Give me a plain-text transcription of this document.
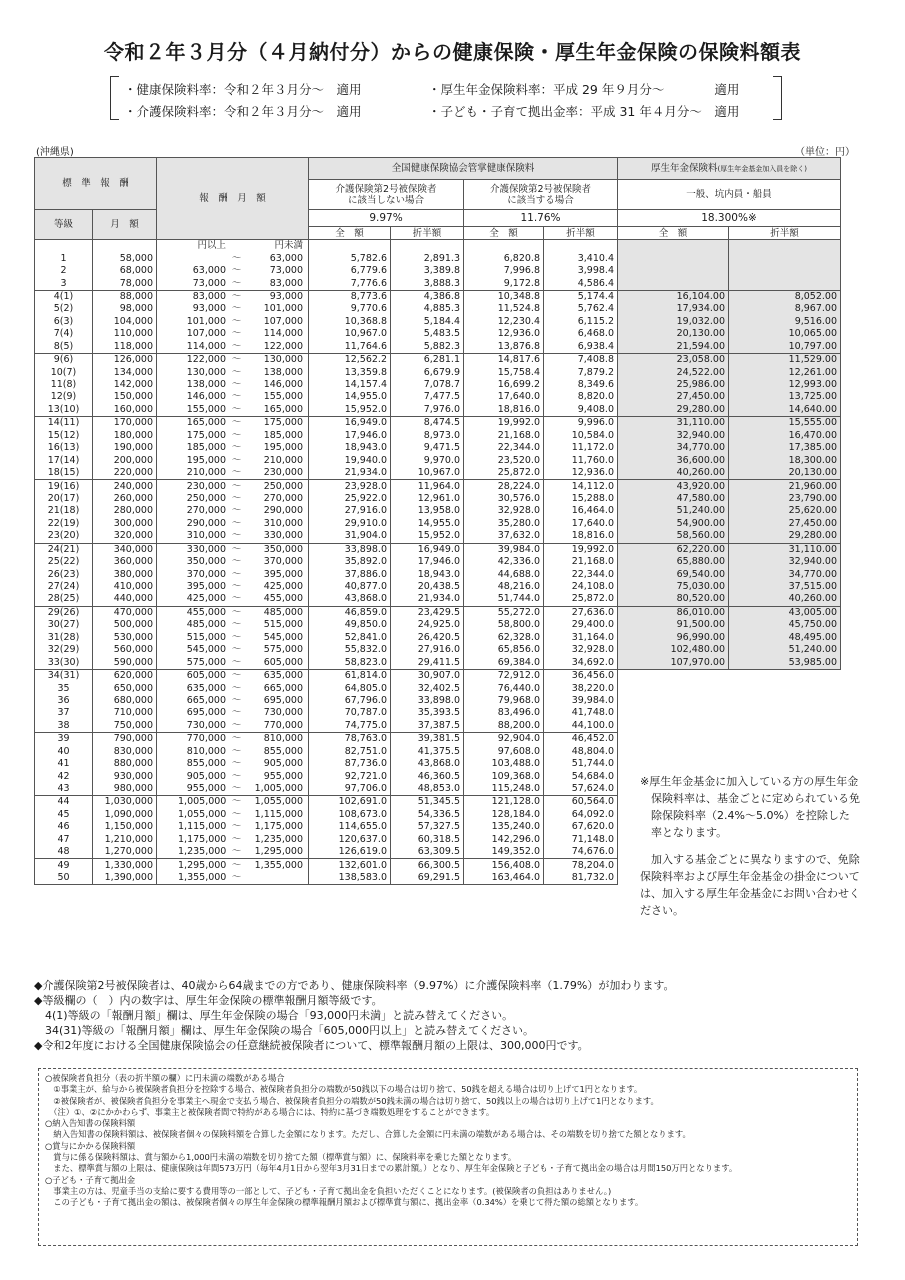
令和２年３月分（４月納付分）からの健康保険・厚生年金保険の保険料額表
・健康保険料率：令和２年３月分～　適用	・厚生年金保険料率：平成 29 年９月分～　　　　適用
・介護保険料率：令和２年３月分～　適用	・子ども・子育て拠出金率：平成 31 年４月分～　適用
(沖縄県)	（単位：円）
標　準　報　酬		報　酬　月　額	全国健康保険協会管掌健康保険料				厚生年金保険料(厚生年金基金加入員を除く)	
			介護保険第2号被保険者
に該当しない場合		介護保険第2号被保険者
に該当する場合		一般、坑内員・船員	
等級	月　額		9.97%		11.76%		18.300%※	
			全　額	折半額	全　額	折半額	全　額	折半額

		円以上 円未満						

1	58,000	～ 63,000	5,782.6	2,891.3	6,820.8	3,410.4		
2	68,000	63,000 ～ 73,000	6,779.6	3,389.8	7,996.8	3,998.4		
3	78,000	73,000 ～ 83,000	7,776.6	3,888.3	9,172.8	4,586.4		
4(1)	88,000	83,000 ～ 93,000	8,773.6	4,386.8	10,348.8	5,174.4	16,104.00	8,052.00
5(2)	98,000	93,000 ～ 101,000	9,770.6	4,885.3	11,524.8	5,762.4	17,934.00	8,967.00
6(3)	104,000	101,000 ～ 107,000	10,368.8	5,184.4	12,230.4	6,115.2	19,032.00	9,516.00
7(4)	110,000	107,000 ～ 114,000	10,967.0	5,483.5	12,936.0	6,468.0	20,130.00	10,065.00
8(5)	118,000	114,000 ～ 122,000	11,764.6	5,882.3	13,876.8	6,938.4	21,594.00	10,797.00
9(6)	126,000	122,000 ～ 130,000	12,562.2	6,281.1	14,817.6	7,408.8	23,058.00	11,529.00
10(7)	134,000	130,000 ～ 138,000	13,359.8	6,679.9	15,758.4	7,879.2	24,522.00	12,261.00
11(8)	142,000	138,000 ～ 146,000	14,157.4	7,078.7	16,699.2	8,349.6	25,986.00	12,993.00
12(9)	150,000	146,000 ～ 155,000	14,955.0	7,477.5	17,640.0	8,820.0	27,450.00	13,725.00
13(10)	160,000	155,000 ～ 165,000	15,952.0	7,976.0	18,816.0	9,408.0	29,280.00	14,640.00
14(11)	170,000	165,000 ～ 175,000	16,949.0	8,474.5	19,992.0	9,996.0	31,110.00	15,555.00
15(12)	180,000	175,000 ～ 185,000	17,946.0	8,973.0	21,168.0	10,584.0	32,940.00	16,470.00
16(13)	190,000	185,000 ～ 195,000	18,943.0	9,471.5	22,344.0	11,172.0	34,770.00	17,385.00
17(14)	200,000	195,000 ～ 210,000	19,940.0	9,970.0	23,520.0	11,760.0	36,600.00	18,300.00
18(15)	220,000	210,000 ～ 230,000	21,934.0	10,967.0	25,872.0	12,936.0	40,260.00	20,130.00
19(16)	240,000	230,000 ～ 250,000	23,928.0	11,964.0	28,224.0	14,112.0	43,920.00	21,960.00
20(17)	260,000	250,000 ～ 270,000	25,922.0	12,961.0	30,576.0	15,288.0	47,580.00	23,790.00
21(18)	280,000	270,000 ～ 290,000	27,916.0	13,958.0	32,928.0	16,464.0	51,240.00	25,620.00
22(19)	300,000	290,000 ～ 310,000	29,910.0	14,955.0	35,280.0	17,640.0	54,900.00	27,450.00
23(20)	320,000	310,000 ～ 330,000	31,904.0	15,952.0	37,632.0	18,816.0	58,560.00	29,280.00
24(21)	340,000	330,000 ～ 350,000	33,898.0	16,949.0	39,984.0	19,992.0	62,220.00	31,110.00
25(22)	360,000	350,000 ～ 370,000	35,892.0	17,946.0	42,336.0	21,168.0	65,880.00	32,940.00
26(23)	380,000	370,000 ～ 395,000	37,886.0	18,943.0	44,688.0	22,344.0	69,540.00	34,770.00
27(24)	410,000	395,000 ～ 425,000	40,877.0	20,438.5	48,216.0	24,108.0	75,030.00	37,515.00
28(25)	440,000	425,000 ～ 455,000	43,868.0	21,934.0	51,744.0	25,872.0	80,520.00	40,260.00
29(26)	470,000	455,000 ～ 485,000	46,859.0	23,429.5	55,272.0	27,636.0	86,010.00	43,005.00
30(27)	500,000	485,000 ～ 515,000	49,850.0	24,925.0	58,800.0	29,400.0	91,500.00	45,750.00
31(28)	530,000	515,000 ～ 545,000	52,841.0	26,420.5	62,328.0	31,164.0	96,990.00	48,495.00
32(29)	560,000	545,000 ～ 575,000	55,832.0	27,916.0	65,856.0	32,928.0	102,480.00	51,240.00
33(30)	590,000	575,000 ～ 605,000	58,823.0	29,411.5	69,384.0	34,692.0	107,970.00	53,985.00
34(31)	620,000	605,000 ～ 635,000	61,814.0	30,907.0	72,912.0	36,456.0		
35	650,000	635,000 ～ 665,000	64,805.0	32,402.5	76,440.0	38,220.0		
36	680,000	665,000 ～ 695,000	67,796.0	33,898.0	79,968.0	39,984.0		
37	710,000	695,000 ～ 730,000	70,787.0	35,393.5	83,496.0	41,748.0		
38	750,000	730,000 ～ 770,000	74,775.0	37,387.5	88,200.0	44,100.0		
39	790,000	770,000 ～ 810,000	78,763.0	39,381.5	92,904.0	46,452.0		
40	830,000	810,000 ～ 855,000	82,751.0	41,375.5	97,608.0	48,804.0		
41	880,000	855,000 ～ 905,000	87,736.0	43,868.0	103,488.0	51,744.0		
42	930,000	905,000 ～ 955,000	92,721.0	46,360.5	109,368.0	54,684.0		
43	980,000	955,000 ～ 1,005,000	97,706.0	48,853.0	115,248.0	57,624.0		
44	1,030,000	1,005,000 ～ 1,055,000	102,691.0	51,345.5	121,128.0	60,564.0		
45	1,090,000	1,055,000 ～ 1,115,000	108,673.0	54,336.5	128,184.0	64,092.0		
46	1,150,000	1,115,000 ～ 1,175,000	114,655.0	57,327.5	135,240.0	67,620.0		
47	1,210,000	1,175,000 ～ 1,235,000	120,637.0	60,318.5	142,296.0	71,148.0		
48	1,270,000	1,235,000 ～ 1,295,000	126,619.0	63,309.5	149,352.0	74,676.0		
49	1,330,000	1,295,000 ～ 1,355,000	132,601.0	66,300.5	156,408.0	78,204.0		
50	1,390,000	1,355,000 ～	138,583.0	69,291.5	163,464.0	81,732.0		

※厚生年金基金に加入している方の厚生年金保険料率は、基金ごとに定められている免除保険料率（2.4%～5.0%）を控除した率となります。

加入する基金ごとに異なりますので、免除保険料率および厚生年金基金の掛金については、加入する厚生年金基金にお問い合わせください。

◆介護保険第2号被保険者は、40歳から64歳までの方であり、健康保険料率（9.97%）に介護保険料率（1.79%）が加わります。
◆等級欄の（　）内の数字は、厚生年金保険の標準報酬月額等級です。
　4(1)等級の「報酬月額」欄は、厚生年金保険の場合「93,000円未満」と読み替えてください。
　34(31)等級の「報酬月額」欄は、厚生年金保険の場合「605,000円以上」と読み替えてください。
◆令和2年度における全国健康保険協会の任意継続被保険者について、標準報酬月額の上限は、300,000円です。
○被保険者負担分（表の折半額の欄）に円未満の端数がある場合
　①事業主が、給与から被保険者負担分を控除する場合、被保険者負担分の端数が50銭以下の場合は切り捨て、50銭を超える場合は切り上げて1円となります。
　②被保険者が、被保険者負担分を事業主へ現金で支払う場合、被保険者負担分の端数が50銭未満の場合は切り捨て、50銭以上の場合は切り上げて1円となります。
　（注）①、②にかかわらず、事業主と被保険者間で特約がある場合には、特約に基づき端数処理をすることができます。
○納入告知書の保険料額
　納入告知書の保険料額は、被保険者個々の保険料額を合算した金額になります。ただし、合算した金額に円未満の端数がある場合は、その端数を切り捨てた額となります。
○賞与にかかる保険料額
　賞与に係る保険料額は、賞与額から1,000円未満の端数を切り捨てた額（標準賞与額）に、保険料率を乗じた額となります。
　また、標準賞与額の上限は、健康保険は年間573万円（毎年4月1日から翌年3月31日までの累計額。）となり、厚生年金保険と子ども・子育て拠出金の場合は月間150万円となります。
○子ども・子育て拠出金
　事業主の方は、児童手当の支給に要する費用等の一部として、子ども・子育て拠出金を負担いただくことになります。(被保険者の負担はありません。)
　この子ども・子育て拠出金の額は、被保険者個々の厚生年金保険の標準報酬月額および標準賞与額に、拠出金率（0.34%）を乗じて得た額の総額となります。
